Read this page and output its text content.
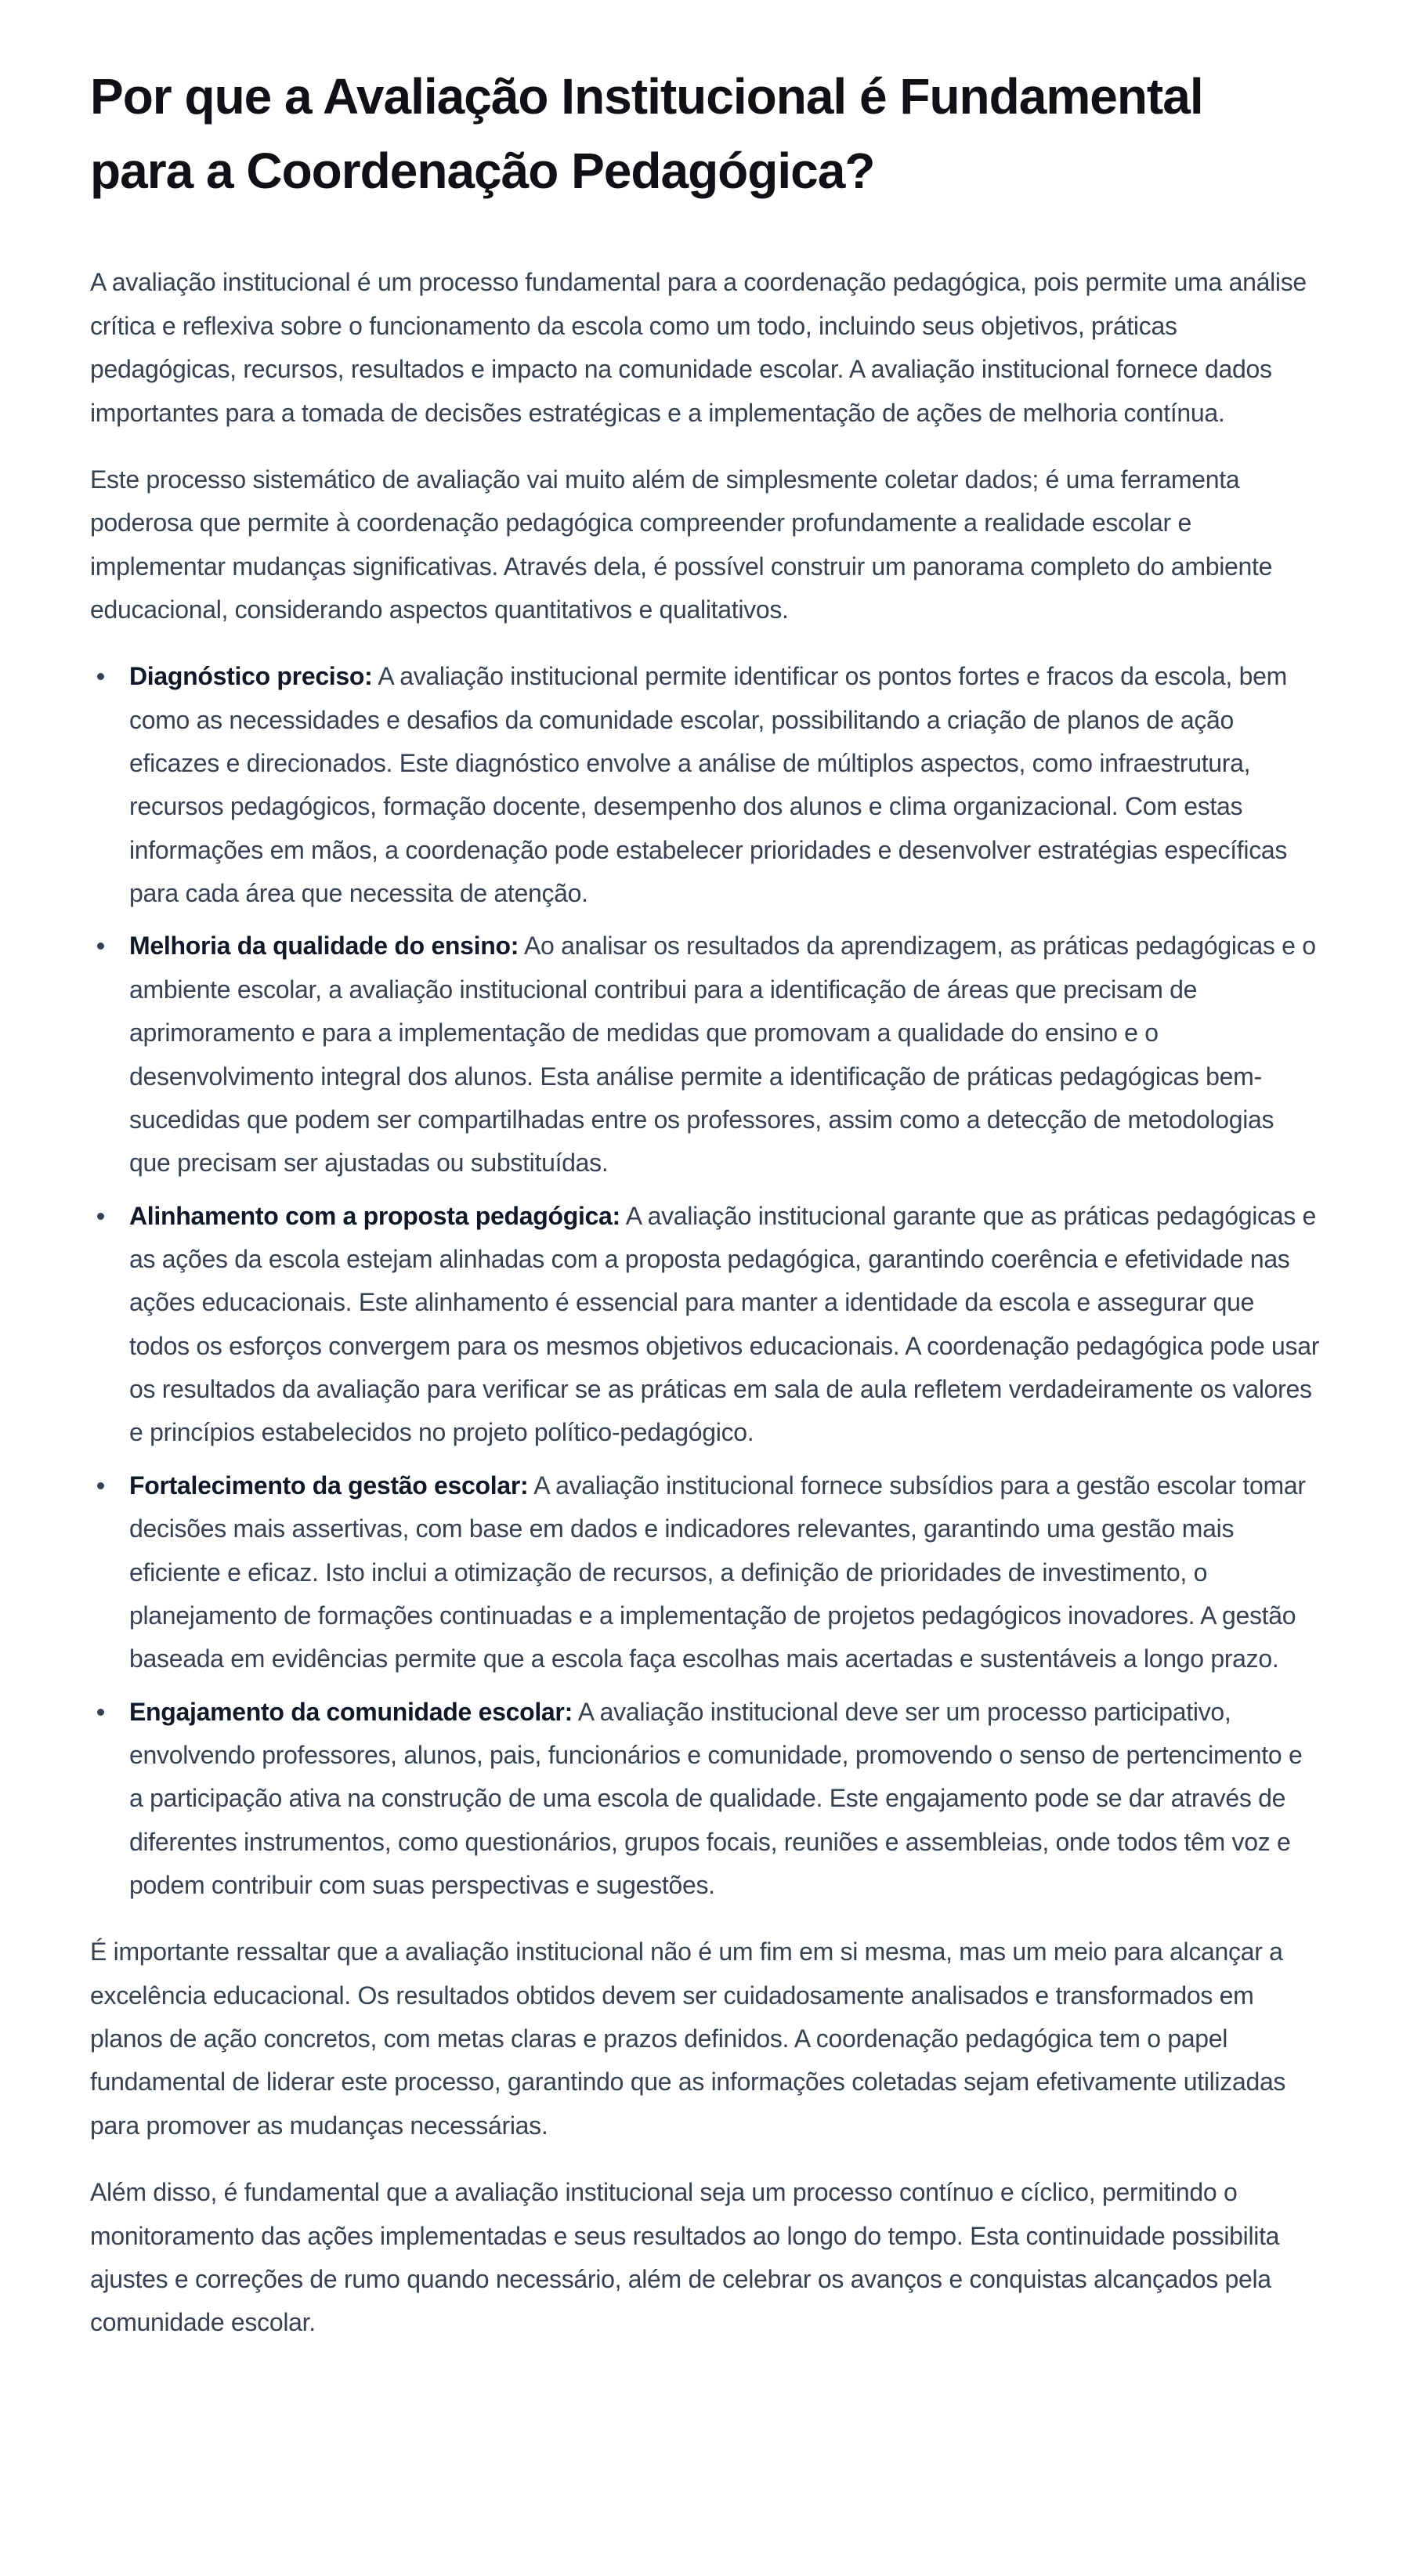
Por que a Avaliação Institucional é Fundamental para a Coordenação Pedagógica?

A avaliação institucional é um processo fundamental para a coordenação pedagógica, pois permite uma análise crítica e reflexiva sobre o funcionamento da escola como um todo, incluindo seus objetivos, práticas pedagógicas, recursos, resultados e impacto na comunidade escolar. A avaliação institucional fornece dados importantes para a tomada de decisões estratégicas e a implementação de ações de melhoria contínua.

Este processo sistemático de avaliação vai muito além de simplesmente coletar dados; é uma ferramenta poderosa que permite à coordenação pedagógica compreender profundamente a realidade escolar e implementar mudanças significativas. Através dela, é possível construir um panorama completo do ambiente educacional, considerando aspectos quantitativos e qualitativos.

Diagnóstico preciso: A avaliação institucional permite identificar os pontos fortes e fracos da escola, bem como as necessidades e desafios da comunidade escolar, possibilitando a criação de planos de ação eficazes e direcionados. Este diagnóstico envolve a análise de múltiplos aspectos, como infraestrutura, recursos pedagógicos, formação docente, desempenho dos alunos e clima organizacional. Com estas informações em mãos, a coordenação pode estabelecer prioridades e desenvolver estratégias específicas para cada área que necessita de atenção.
Melhoria da qualidade do ensino: Ao analisar os resultados da aprendizagem, as práticas pedagógicas e o ambiente escolar, a avaliação institucional contribui para a identificação de áreas que precisam de aprimoramento e para a implementação de medidas que promovam a qualidade do ensino e o desenvolvimento integral dos alunos. Esta análise permite a identificação de práticas pedagógicas bem-sucedidas que podem ser compartilhadas entre os professores, assim como a detecção de metodologias que precisam ser ajustadas ou substituídas.
Alinhamento com a proposta pedagógica: A avaliação institucional garante que as práticas pedagógicas e as ações da escola estejam alinhadas com a proposta pedagógica, garantindo coerência e efetividade nas ações educacionais. Este alinhamento é essencial para manter a identidade da escola e assegurar que todos os esforços convergem para os mesmos objetivos educacionais. A coordenação pedagógica pode usar os resultados da avaliação para verificar se as práticas em sala de aula refletem verdadeiramente os valores e princípios estabelecidos no projeto político-pedagógico.
Fortalecimento da gestão escolar: A avaliação institucional fornece subsídios para a gestão escolar tomar decisões mais assertivas, com base em dados e indicadores relevantes, garantindo uma gestão mais eficiente e eficaz. Isto inclui a otimização de recursos, a definição de prioridades de investimento, o planejamento de formações continuadas e a implementação de projetos pedagógicos inovadores. A gestão baseada em evidências permite que a escola faça escolhas mais acertadas e sustentáveis a longo prazo.
Engajamento da comunidade escolar: A avaliação institucional deve ser um processo participativo, envolvendo professores, alunos, pais, funcionários e comunidade, promovendo o senso de pertencimento e a participação ativa na construção de uma escola de qualidade. Este engajamento pode se dar através de diferentes instrumentos, como questionários, grupos focais, reuniões e assembleias, onde todos têm voz e podem contribuir com suas perspectivas e sugestões.

É importante ressaltar que a avaliação institucional não é um fim em si mesma, mas um meio para alcançar a excelência educacional. Os resultados obtidos devem ser cuidadosamente analisados e transformados em planos de ação concretos, com metas claras e prazos definidos. A coordenação pedagógica tem o papel fundamental de liderar este processo, garantindo que as informações coletadas sejam efetivamente utilizadas para promover as mudanças necessárias.

Além disso, é fundamental que a avaliação institucional seja um processo contínuo e cíclico, permitindo o monitoramento das ações implementadas e seus resultados ao longo do tempo. Esta continuidade possibilita ajustes e correções de rumo quando necessário, além de celebrar os avanços e conquistas alcançados pela comunidade escolar.
